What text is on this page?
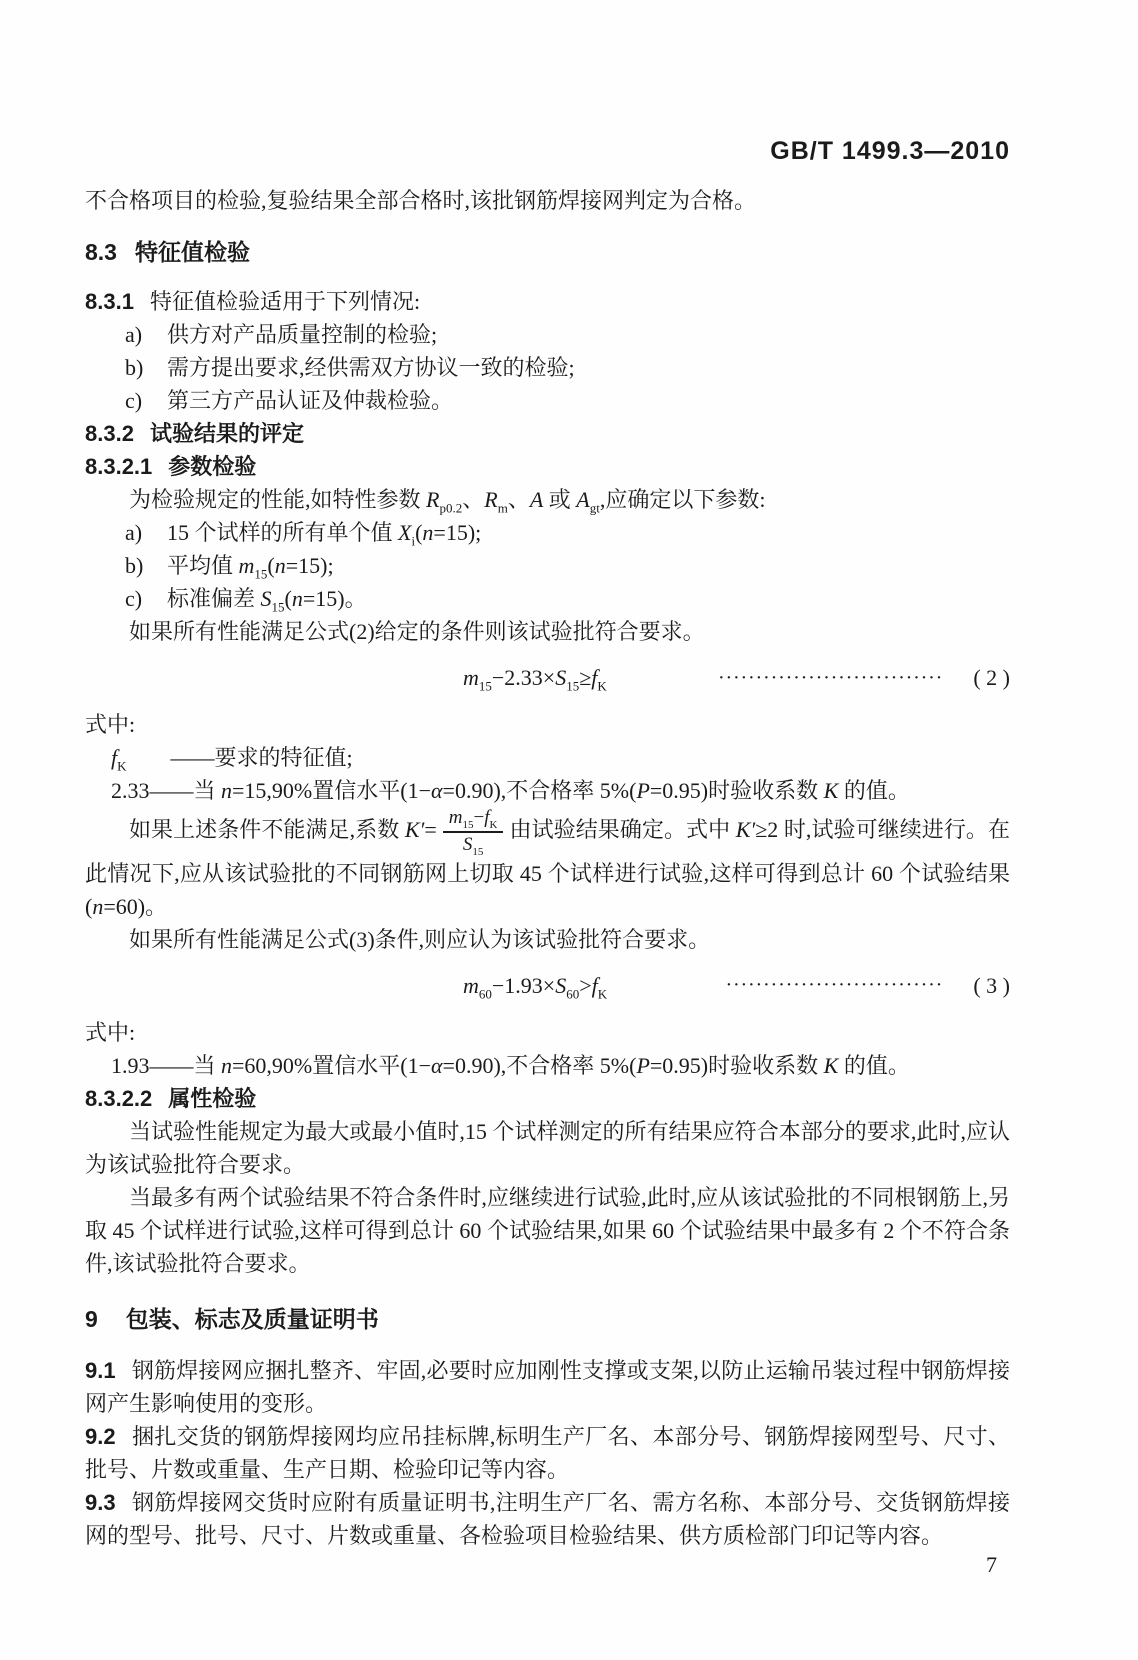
GB/T 1499.3—2010

不合格项目的检验,复验结果全部合格时,该批钢筋焊接网判定为合格。

8.3 特征值检验

8.3.1 特征值检验适用于下列情况:

a) 供方对产品质量控制的检验;

b) 需方提出要求,经供需双方协议一致的检验;

c) 第三方产品认证及仲裁检验。

8.3.2 试验结果的评定

8.3.2.1 参数检验

为检验规定的性能,如特性参数 $R_{p0.2}$、$R_m$、A 或 $A_{gt}$,应确定以下参数:

a) 15 个试样的所有单个值 $X_i(n=15)$;

b) 平均值 $m_{15}(n=15)$;

c) 标准偏差 $S_{15}(n=15)$。

如果所有性能满足公式(2)给定的条件则该试验批符合要求。

$m_{15}-2.33\times S_{15}\ge f_K$
······························	( 2 )

式中:

$f_K$  ——要求的特征值;

2.33——当 n=15,90%置信水平(1−α=0.90),不合格率 5%(P=0.95)时验收系数 K 的值。

如果上述条件不能满足,系数 $K'= \frac{m_{15}-f_K}{S_{15}}$ 由试验结果确定。式中 K′≥2 时,试验可继续进行。在此情况下,应从该试验批的不同钢筋网上切取 45 个试样进行试验,这样可得到总计 60 个试验结果(n=60)。

如果所有性能满足公式(3)条件,则应认为该试验批符合要求。

$m_{60}-1.93\times S_{60}>f_K$
·····························	( 3 )

式中:

1.93——当 n=60,90%置信水平(1−α=0.90),不合格率 5%(P=0.95)时验收系数 K 的值。

8.3.2.2 属性检验

当试验性能规定为最大或最小值时,15 个试样测定的所有结果应符合本部分的要求,此时,应认为该试验批符合要求。

当最多有两个试验结果不符合条件时,应继续进行试验,此时,应从该试验批的不同根钢筋上,另取 45 个试样进行试验,这样可得到总计 60 个试验结果,如果 60 个试验结果中最多有 2 个不符合条件,该试验批符合要求。

9 包装、标志及质量证明书

9.1 钢筋焊接网应捆扎整齐、牢固,必要时应加刚性支撑或支架,以防止运输吊装过程中钢筋焊接网产生影响使用的变形。

9.2 捆扎交货的钢筋焊接网均应吊挂标牌,标明生产厂名、本部分号、钢筋焊接网型号、尺寸、批号、片数或重量、生产日期、检验印记等内容。

9.3 钢筋焊接网交货时应附有质量证明书,注明生产厂名、需方名称、本部分号、交货钢筋焊接网的型号、批号、尺寸、片数或重量、各检验项目检验结果、供方质检部门印记等内容。

7
